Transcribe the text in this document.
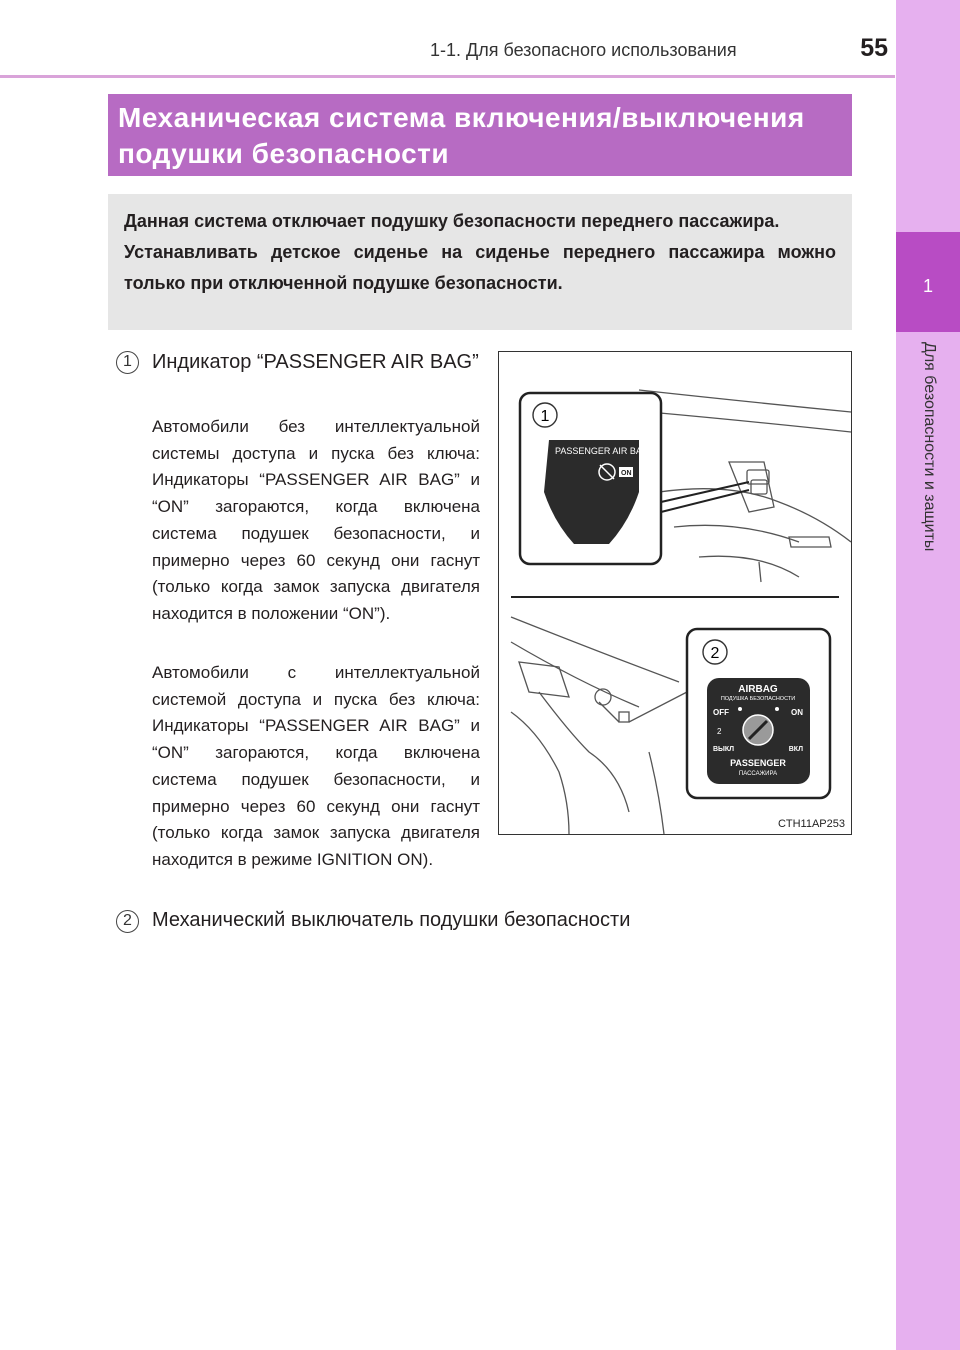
1-1. Для безопасного использования	55
1
Для безопасности и защиты
Механическая система включения/выключения
подушки безопасности

Данная система отключает подушку безопасности переднего пассажира.

Устанавливать детское сиденье на сиденье переднего пассажира можно только при отключенной подушке безопасности.

1	Индикатор “PASSENGER AIR BAG”

Автомобили без интеллектуальной системы доступа и пуска без ключа: Индикаторы “PASSENGER AIR BAG” и “ON” загораются, когда включена система подушек безопасности, и примерно через 60 секунд они гаснут (только когда замок запуска двигателя находится в положении “ON”).

Автомобили с интеллектуальной системой доступа и пуска без ключа: Индикаторы “PASSENGER AIR BAG” и “ON” загораются, когда включена система подушек безопасности, и примерно через 60 секунд они гаснут (только когда замок запуска двигателя находится в режиме IGNITION ON).

2	Механический выключатель подушки безопасности
PASSENGER AIR BAG
ON
1
2
AIRBAG
ПОДУШКА БЕЗОПАСНОСТИ
OFF	ON
2
ВЫКЛ	ВКЛ
PASSENGER
ПАССАЖИРА
CTH11AP253
